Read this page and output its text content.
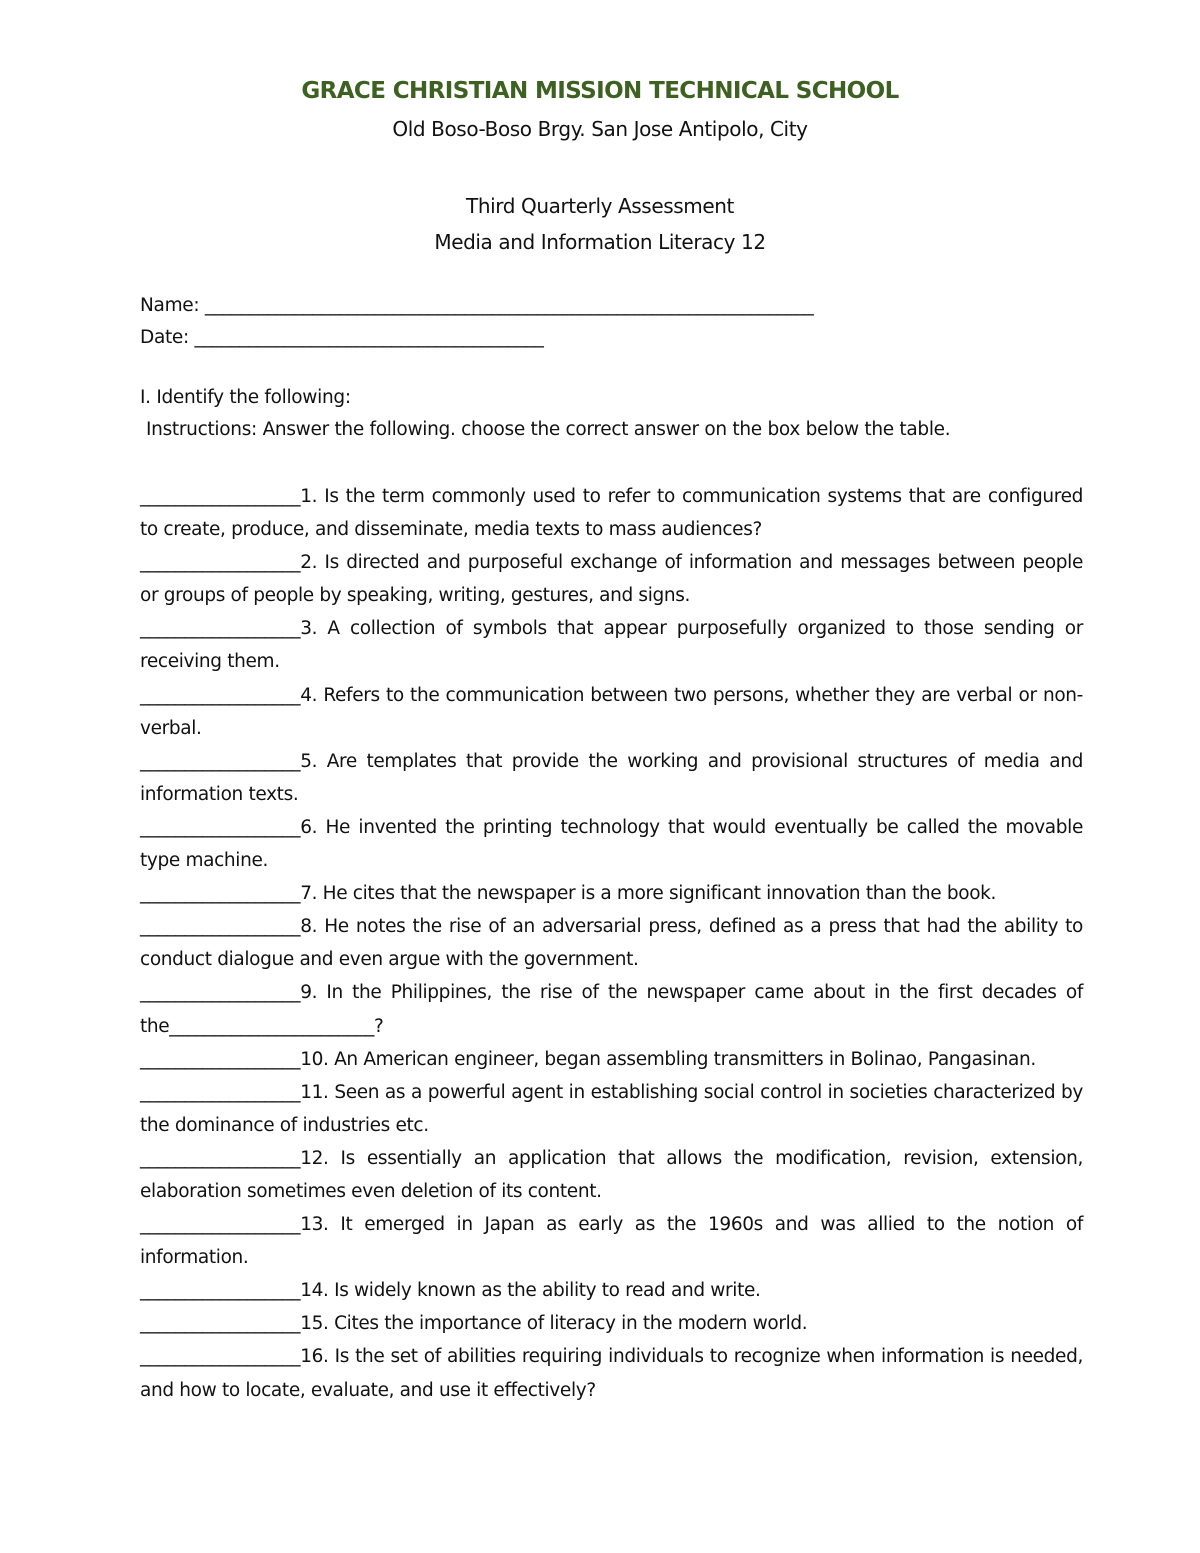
GRACE CHRISTIAN MISSION TECHNICAL SCHOOL
Old Boso-Boso Brgy. San Jose Antipolo, City
Third Quarterly Assessment
Media and Information Literacy 12
Name: ____________________________________________________________________
Date: _______________________________________
I. Identify the following:
Instructions: Answer the following. choose the correct answer on the box below the table.

__________________1. Is the term commonly used to refer to communication systems that are configured to create, produce, and disseminate, media texts to mass audiences?

__________________2. Is directed and purposeful exchange of information and messages between people or groups of people by speaking, writing, gestures, and signs.

__________________3. A collection of symbols that appear purposefully organized to those sending or receiving them.

__________________4. Refers to the communication between two persons, whether they are verbal or non-verbal.

__________________5. Are templates that provide the working and provisional structures of media and information texts.

__________________6. He invented the printing technology that would eventually be called the movable type machine.

__________________7. He cites that the newspaper is a more significant innovation than the book.

__________________8. He notes the rise of an adversarial press, defined as a press that had the ability to conduct dialogue and even argue with the government.

__________________9. In the Philippines, the rise of the newspaper came about in the first decades of the_______________________?

__________________10. An American engineer, began assembling transmitters in Bolinao, Pangasinan.

__________________11. Seen as a powerful agent in establishing social control in societies characterized by the dominance of industries etc.

__________________12. Is essentially an application that allows the modification, revision, extension, elaboration sometimes even deletion of its content.

__________________13. It emerged in Japan as early as the 1960s and was allied to the notion of information.

__________________14. Is widely known as the ability to read and write.

__________________15. Cites the importance of literacy in the modern world.

__________________16. Is the set of abilities requiring individuals to recognize when information is needed, and how to locate, evaluate, and use it effectively?
